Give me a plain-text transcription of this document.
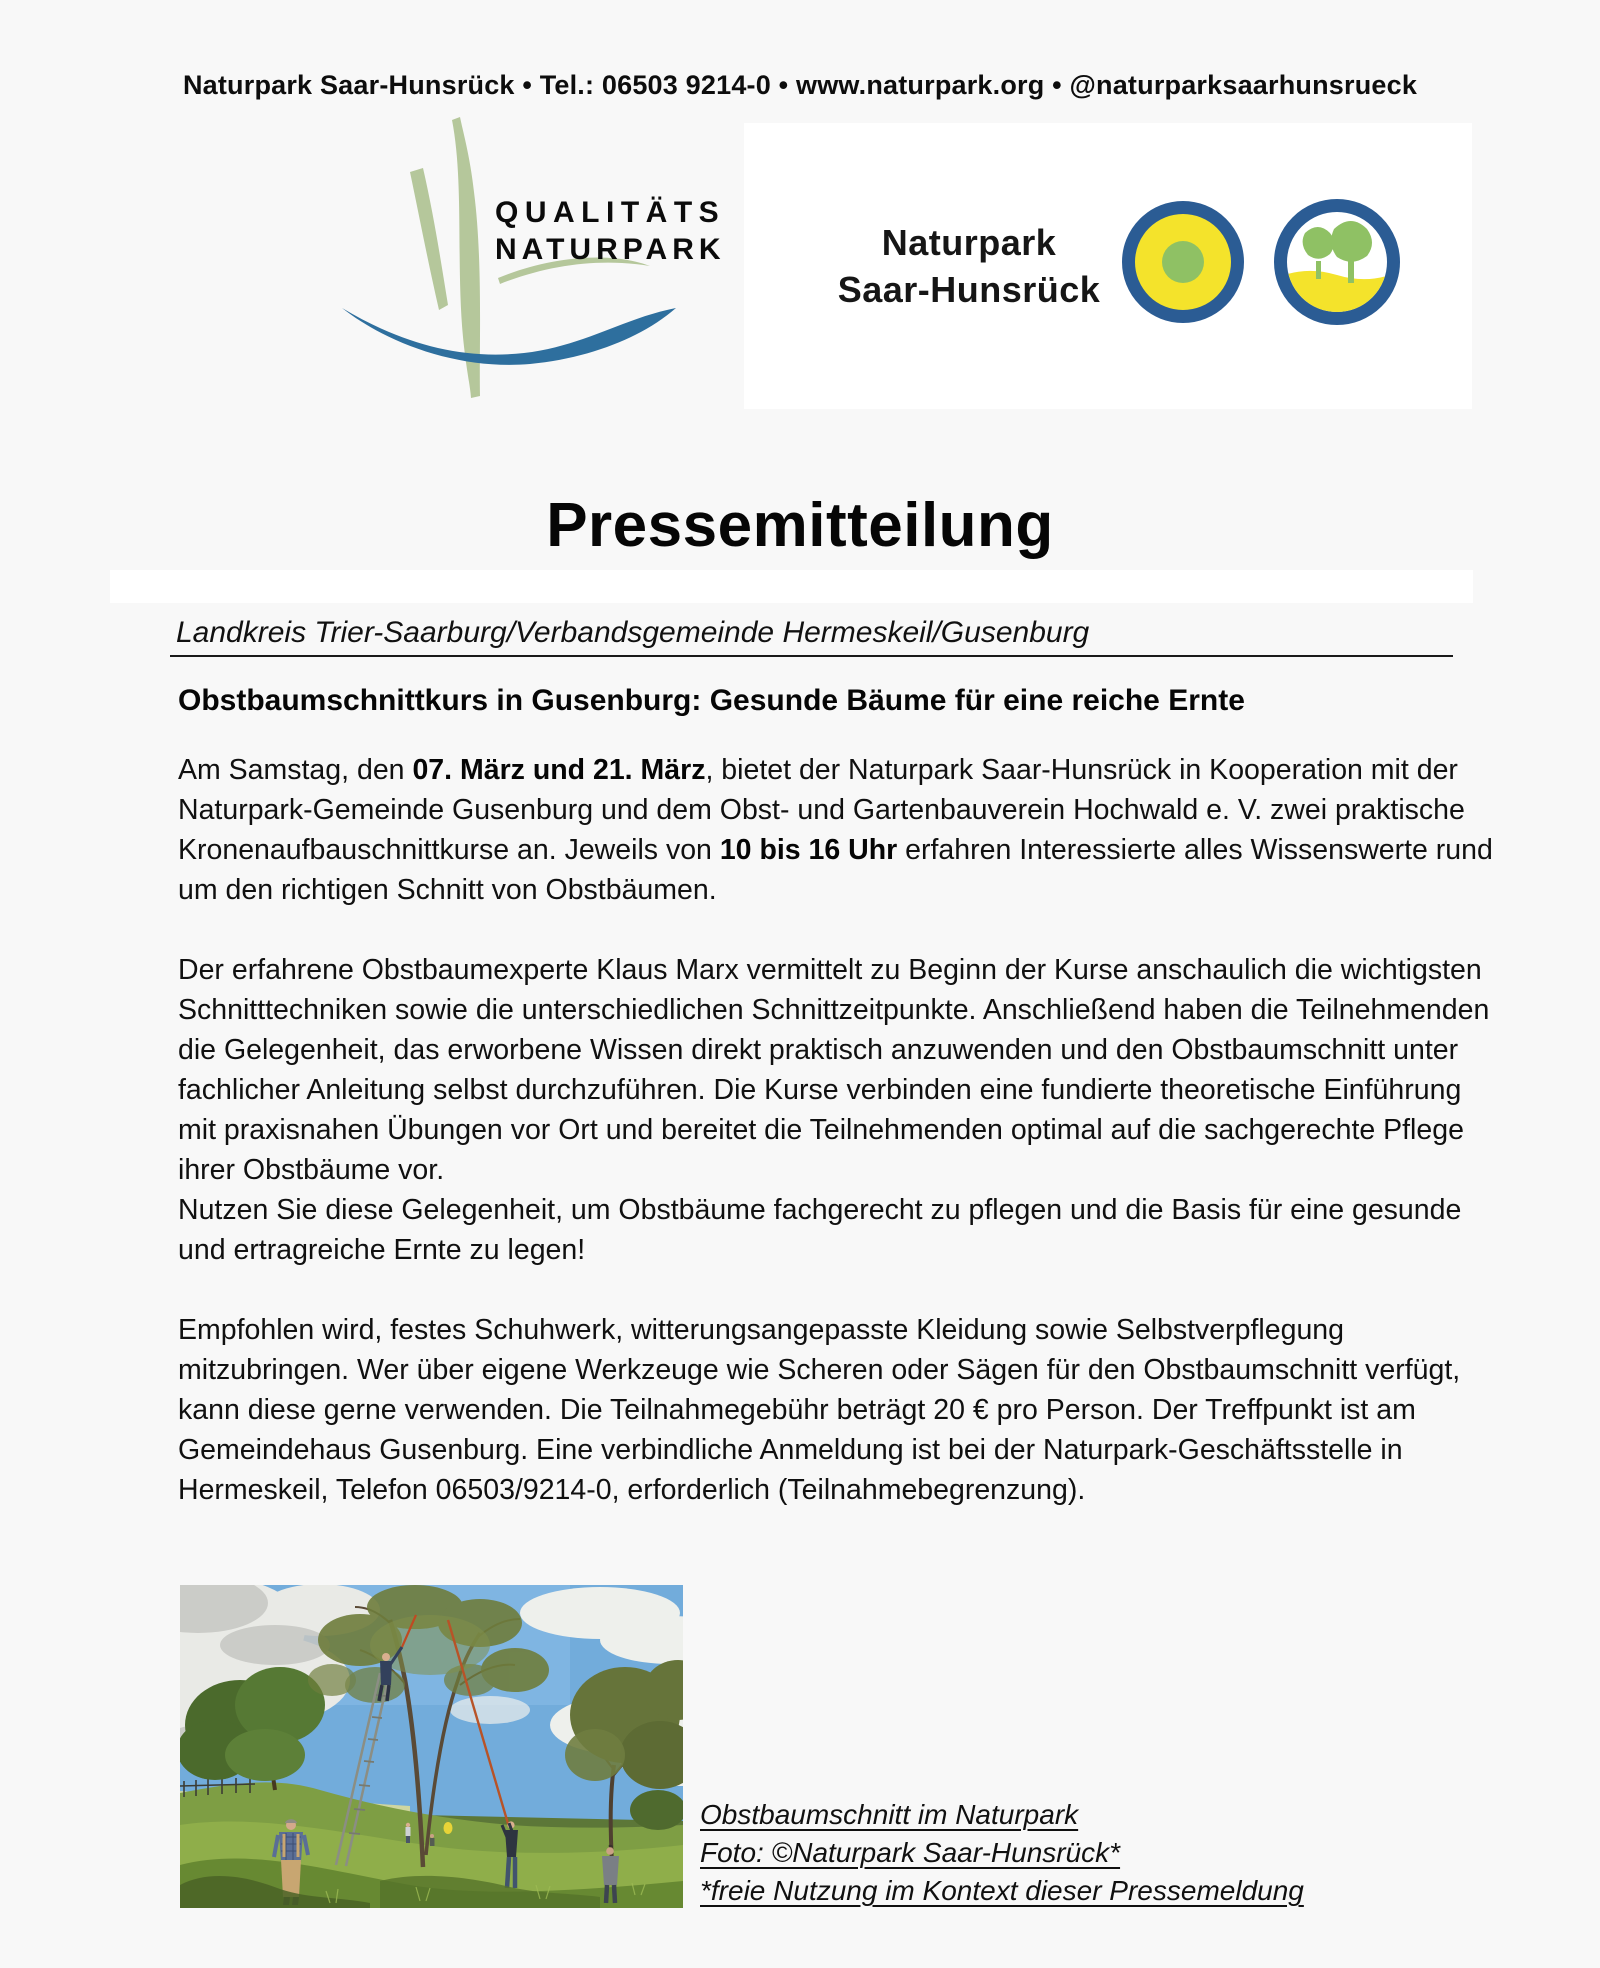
Naturpark Saar-Hunsrück • Tel.: 06503 9214-0 • www.naturpark.org • @naturparksaarhunsrueck
QUALITÄTS
NATURPARK	Naturpark
Saar-Hunsrück
Pressemitteilung
Landkreis Trier-Saarburg/Verbandsgemeinde Hermeskeil/Gusenburg
Obstbaumschnittkurs in Gusenburg: Gesunde Bäume für eine reiche Ernte

Am Samstag, den 07. März und 21. März, bietet der Naturpark Saar-Hunsrück in Kooperation mit der Naturpark-Gemeinde Gusenburg und dem Obst- und Gartenbauverein Hochwald e. V. zwei praktische Kronenaufbauschnittkurse an. Jeweils von 10 bis 16 Uhr erfahren Interessierte alles Wissenswerte rund um den richtigen Schnitt von Obstbäumen.

Der erfahrene Obstbaumexperte Klaus Marx vermittelt zu Beginn der Kurse anschaulich die wichtigsten Schnitttechniken sowie die unterschiedlichen Schnittzeitpunkte. Anschließend haben die Teilnehmenden die Gelegenheit, das erworbene Wissen direkt praktisch anzuwenden und den Obstbaumschnitt unter fachlicher Anleitung selbst durchzuführen. Die Kurse verbinden eine fundierte theoretische Einführung mit praxisnahen Übungen vor Ort und bereitet die Teilnehmenden optimal auf die sachgerechte Pflege ihrer Obstbäume vor.
Nutzen Sie diese Gelegenheit, um Obstbäume fachgerecht zu pflegen und die Basis für eine gesunde und ertragreiche Ernte zu legen!

Empfohlen wird, festes Schuhwerk, witterungsangepasste Kleidung sowie Selbstverpflegung mitzubringen. Wer über eigene Werkzeuge wie Scheren oder Sägen für den Obstbaumschnitt verfügt, kann diese gerne verwenden. Die Teilnahmegebühr beträgt 20 € pro Person. Der Treffpunkt ist am Gemeindehaus Gusenburg. Eine verbindliche Anmeldung ist bei der Naturpark-Geschäftsstelle in Hermeskeil, Telefon 06503/9214-0, erforderlich (Teilnahmebegrenzung).

Obstbaumschnitt im Naturpark
Foto: ©Naturpark Saar-Hunsrück*
*freie Nutzung im Kontext dieser Pressemeldung
